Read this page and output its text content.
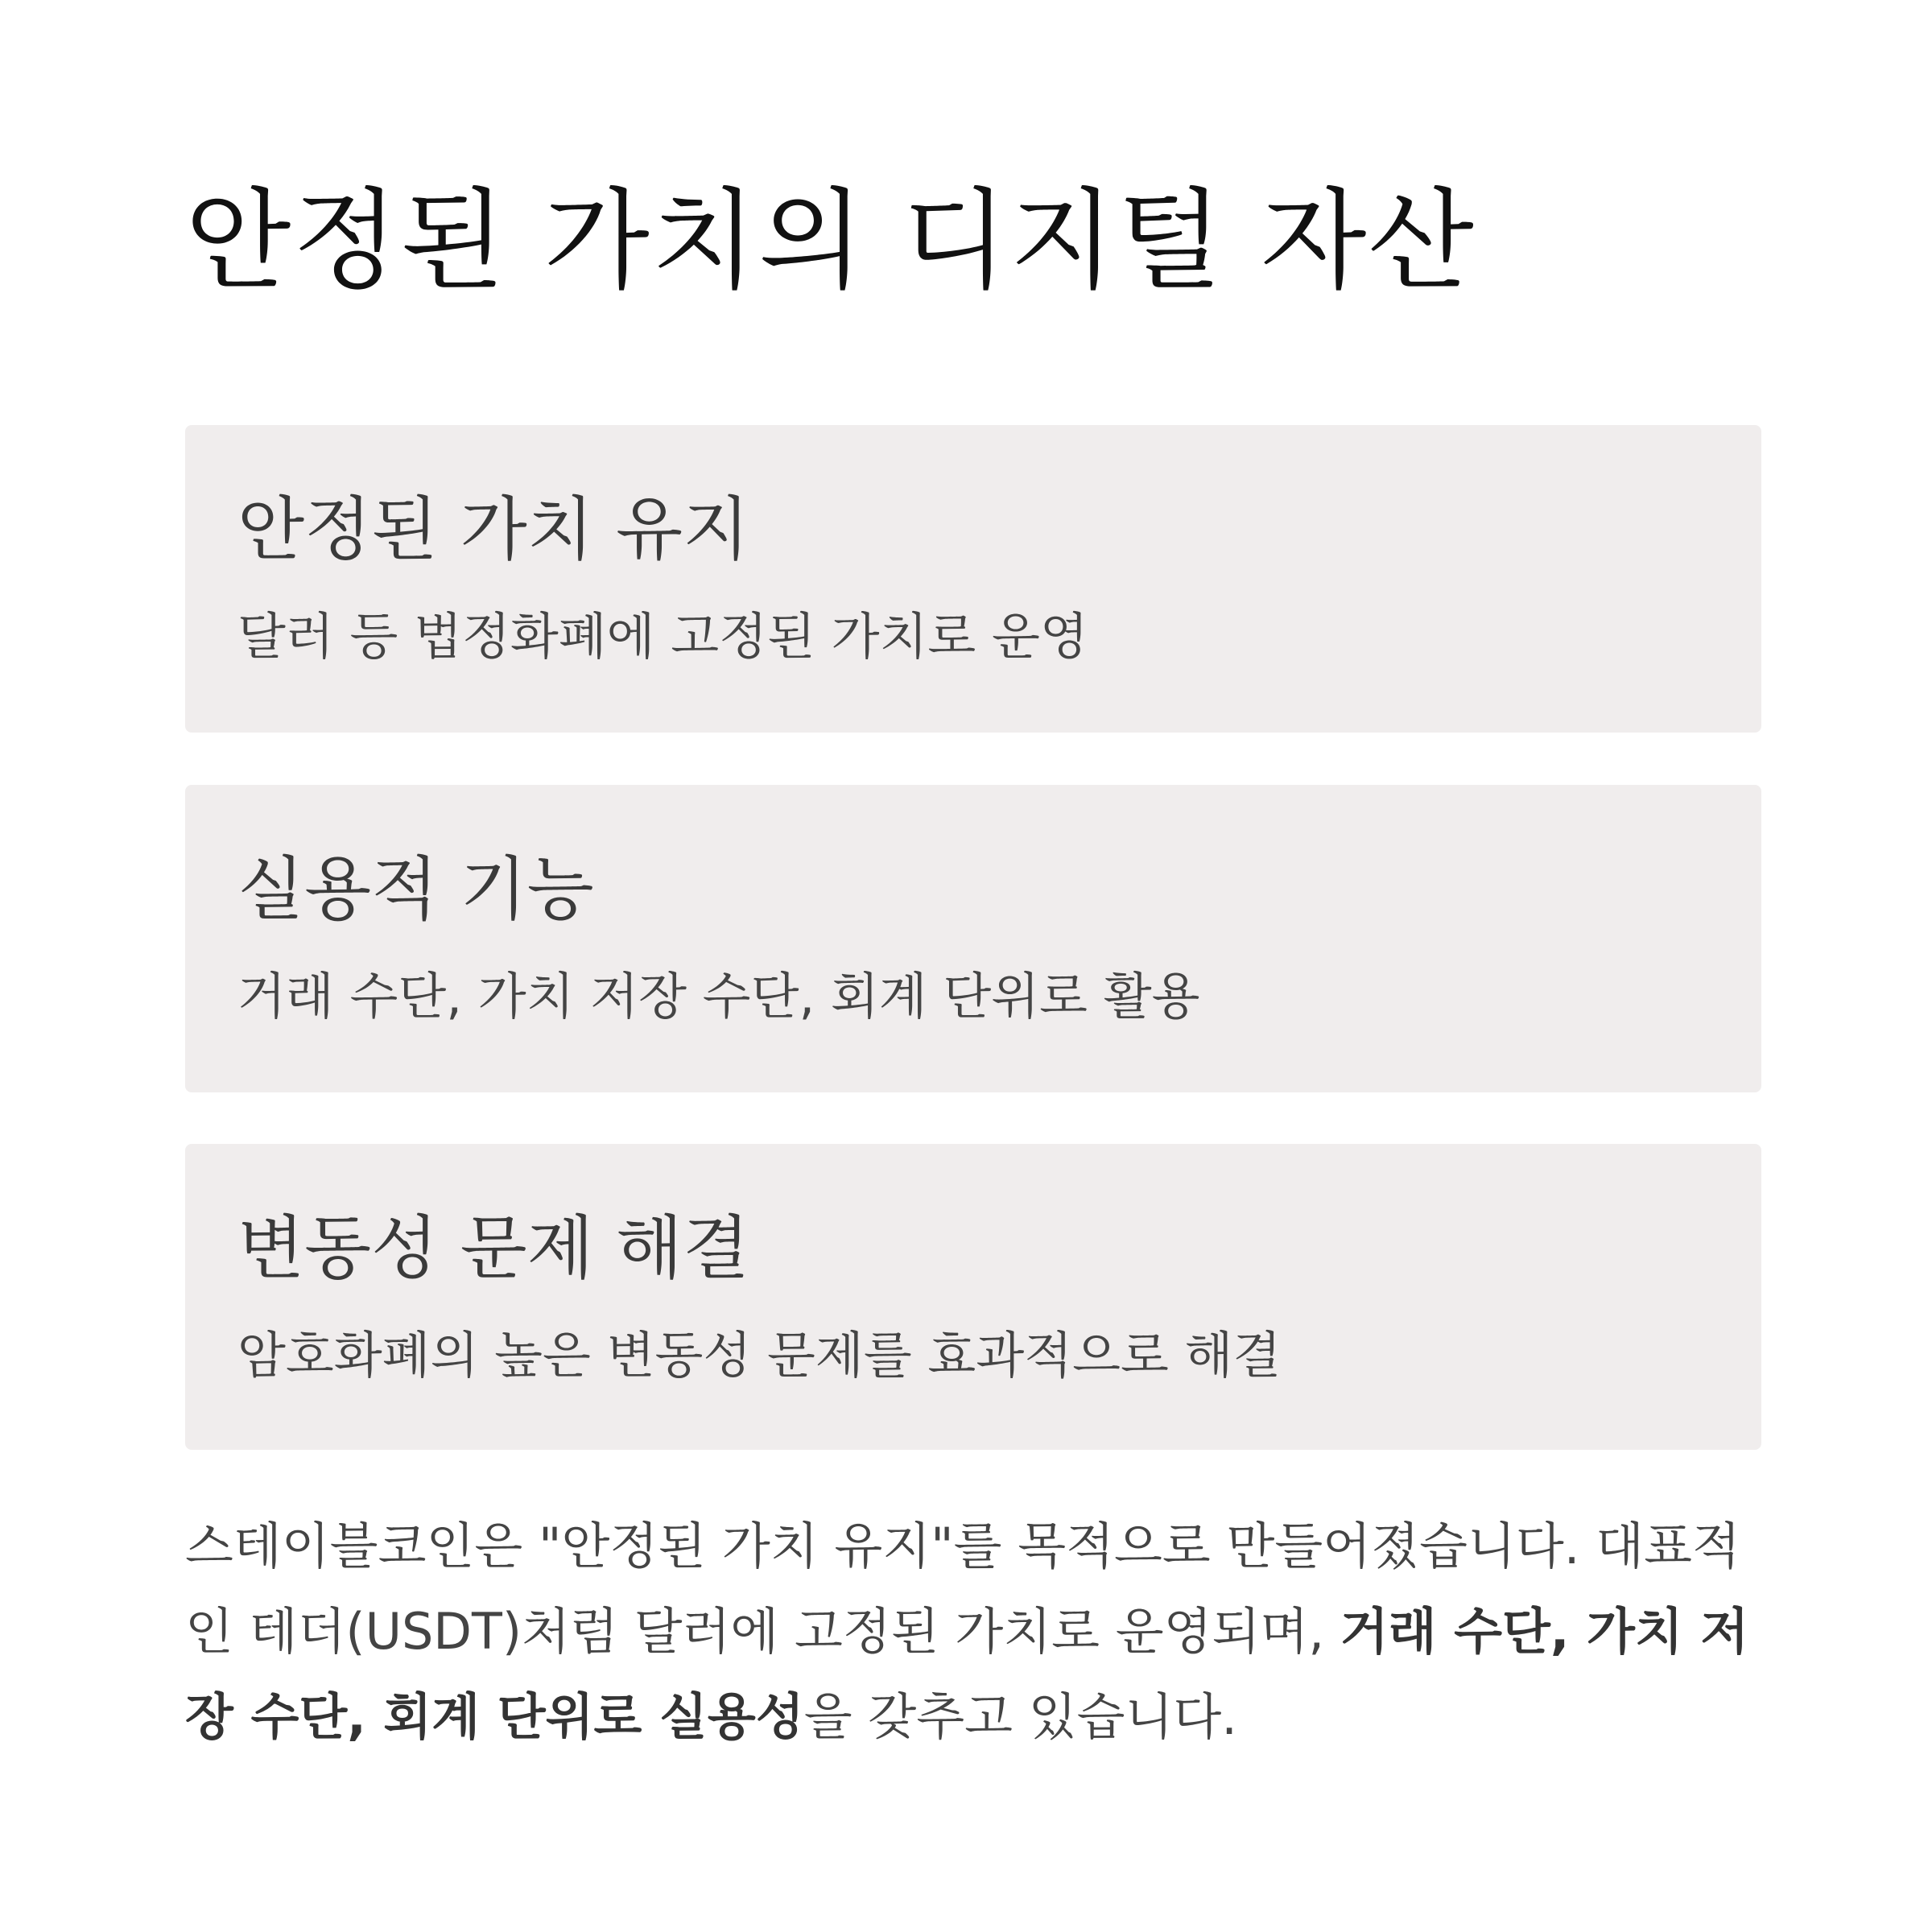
안정된 가치의 디지털 자산
안정된 가치 유지

달러 등 법정화폐에 고정된 가치로 운영

실용적 기능

거래 수단, 가치 저장 수단, 회계 단위로 활용

변동성 문제 해결

암호화폐의 높은 변동성 문제를 효과적으로 해결

스테이블코인은 "안정된 가치 유지"를 목적으로 만들어졌습니다. 대표적인 테더(USDT)처럼 달러에 고정된 가치로 운영되며, 거래 수단, 가치 저장 수단, 회계 단위로 실용성을 갖추고 있습니다.
